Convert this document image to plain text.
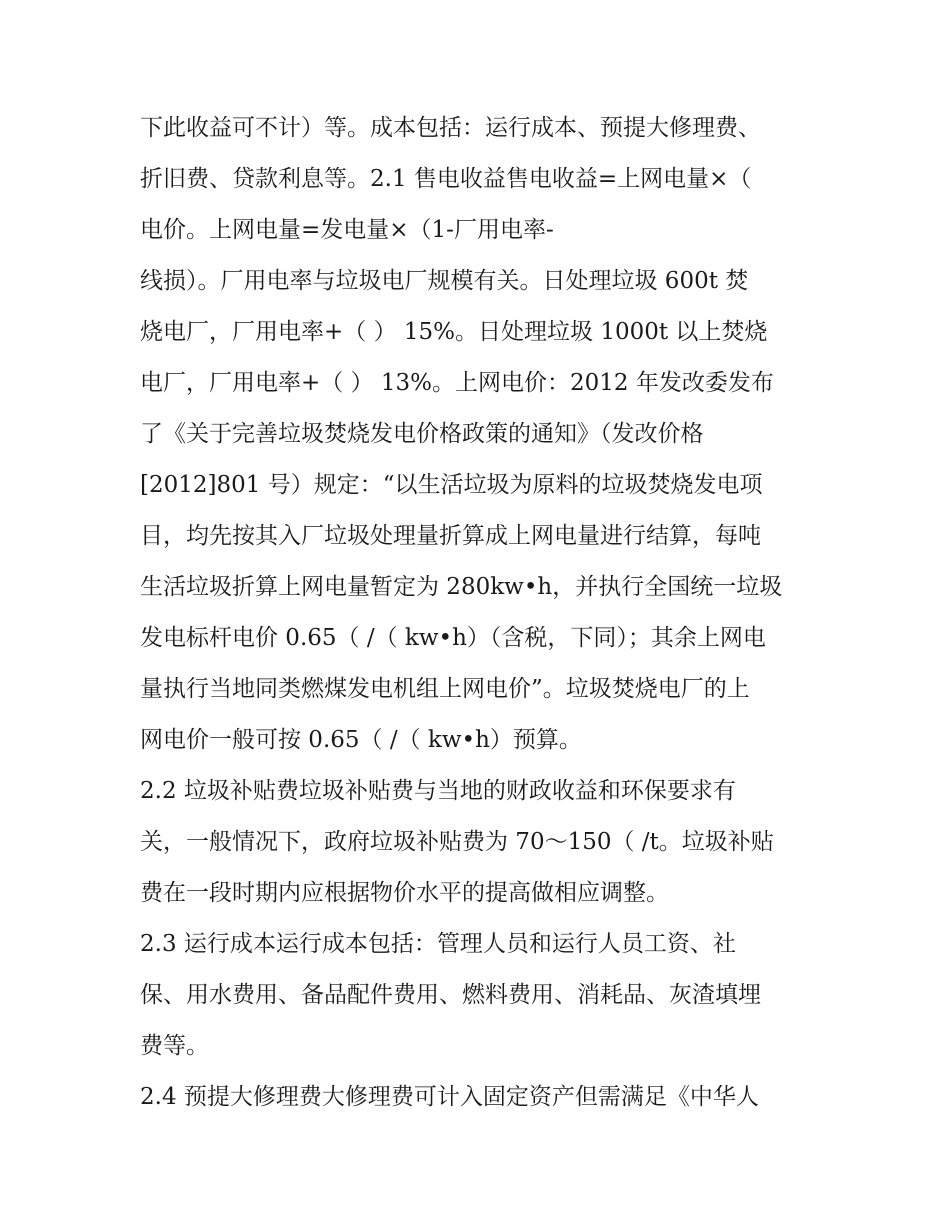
下此收益可不计）等。成本包括：运行成本、预提大修理费、
折旧费、贷款利息等。2.1 售电收益售电收益=上网电量×（
电价。上网电量=发电量×（1-厂用电率-
线损）。厂用电率与垃圾电厂规模有关。日处理垃圾 600t 焚
烧电厂，厂用电率+（ ） 15%。日处理垃圾 1000t 以上焚烧
电厂，厂用电率+（ ） 13%。上网电价：2012 年发改委发布
了《关于完善垃圾焚烧发电价格政策的通知》（发改价格
[2012]801 号）规定：“以生活垃圾为原料的垃圾焚烧发电项
目，均先按其入厂垃圾处理量折算成上网电量进行结算，每吨
生活垃圾折算上网电量暂定为 280kw•h，并执行全国统一垃圾
发电标杆电价 0.65（ /（ kw•h）（含税，下同）；其余上网电
量执行当地同类燃煤发电机组上网电价”。垃圾焚烧电厂的上
网电价一般可按 0.65（ /（ kw•h）预算。
2.2 垃圾补贴费垃圾补贴费与当地的财政收益和环保要求有
关，一般情况下，政府垃圾补贴费为 70～150（ /t。垃圾补贴
费在一段时期内应根据物价水平的提高做相应调整。
2.3 运行成本运行成本包括：管理人员和运行人员工资、社
保、用水费用、备品配件费用、燃料费用、消耗品、灰渣填埋
费等。
2.4 预提大修理费大修理费可计入固定资产但需满足《中华人
